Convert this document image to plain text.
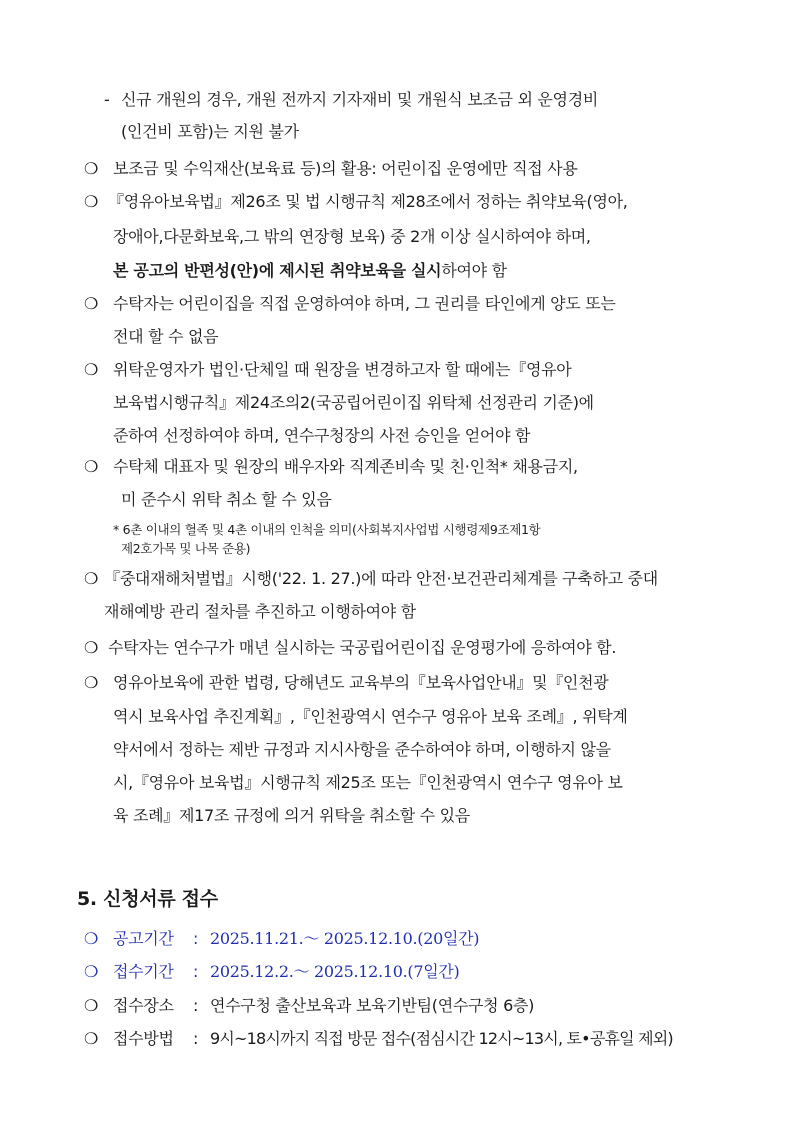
- 신규 개원의 경우, 개원 전까지 기자재비 및 개원식 보조금 외 운영경비
(인건비 포함)는 지원 불가
❍ 보조금 및 수익재산(보육료 등)의 활용: 어린이집 운영에만 직접 사용
❍ 『영유아보육법』제26조 및 법 시행규칙 제28조에서 정하는 취약보육(영아,
장애아,다문화보육,그 밖의 연장형 보육) 중 2개 이상 실시하여야 하며,
본 공고의 반편성(안)에 제시된 취약보육을 실시하여야 함
❍ 수탁자는 어린이집을 직접 운영하여야 하며, 그 권리를 타인에게 양도 또는
전대 할 수 없음
❍ 위탁운영자가 법인·단체일 때 원장을 변경하고자 할 때에는『영유아
보육법시행규칙』제24조의2(국공립어린이집 위탁체 선정관리 기준)에
준하여 선정하여야 하며, 연수구청장의 사전 승인을 얻어야 함
❍ 수탁체 대표자 및 원장의 배우자와 직계존비속 및 친·인척* 채용금지,
미 준수시 위탁 취소 할 수 있음
* 6촌 이내의 혈족 및 4촌 이내의 인척을 의미(사회복지사업법 시행령제9조제1항
제2호가목 및 나목 준용)
❍ 『중대재해처벌법』시행('22. 1. 27.)에 따라 안전·보건관리체계를 구축하고 중대
재해예방 관리 절차를 추진하고 이행하여야 함
❍ 수탁자는 연수구가 매년 실시하는 국공립어린이집 운영평가에 응하여야 함.
❍ 영유아보육에 관한 법령, 당해년도 교육부의『보육사업안내』및『인천광
역시 보육사업 추진계획』,『인천광역시 연수구 영유아 보육 조례』, 위탁계
약서에서 정하는 제반 규정과 지시사항을 준수하여야 하며, 이행하지 않을
시,『영유아 보육법』시행규칙 제25조 또는『인천광역시 연수구 영유아 보
육 조례』제17조 규정에 의거 위탁을 취소할 수 있음
5. 신청서류 접수
❍ 공고기간 : 2025.11.21.～ 2025.12.10.(20일간)
❍ 접수기간 : 2025.12.2.～ 2025.12.10.(7일간)
❍ 접수장소 : 연수구청 출산보육과 보육기반팀(연수구청 6층)
❍ 접수방법 : 9시~18시까지 직접 방문 접수(점심시간 12시~13시, 토•공휴일 제외)
